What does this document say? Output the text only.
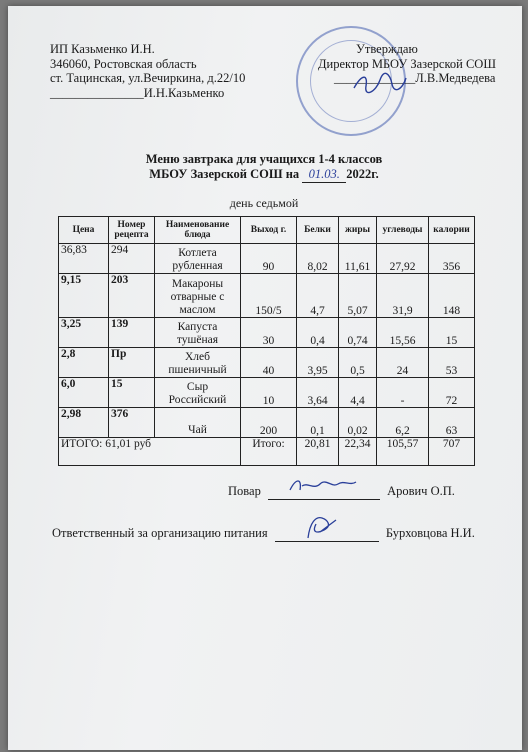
ИП Казьменко И.Н.
346060, Ростовская область
ст. Тацинская, ул.Вечиркина, д.22/10
_______________И.Н.Казьменко
Утверждаю
Директор МБОУ Зазерской СОШ
_____________Л.В.Медведева
Меню завтрака для учащихся 1-4 классов
МБОУ Зазерской СОШ на 01.03. 2022г.
день седьмой
Цена	Номер рецепта	Наименование блюда	Выход г.	Белки	жиры	углеводы	калории
36,83	294	Котлета рубленная	90	8,02	11,61	27,92	356
9,15	203	Макароны отварные с маслом	150/5	4,7	5,07	31,9	148
3,25	139	Капуста тушёная	30	0,4	0,74	15,56	15
2,8	Пр	Хлеб пшеничный	40	3,95	0,5	24	53
6,0	15	Сыр Российский	10	3,64	4,4	-	72
2,98	376	Чай	200	0,1	0,02	6,2	63
ИТОГО: 61,01 руб			Итого:	20,81	22,34	105,57	707
Повар	Арович О.П.
Ответственный за организацию питания	Бурховцова Н.И.
